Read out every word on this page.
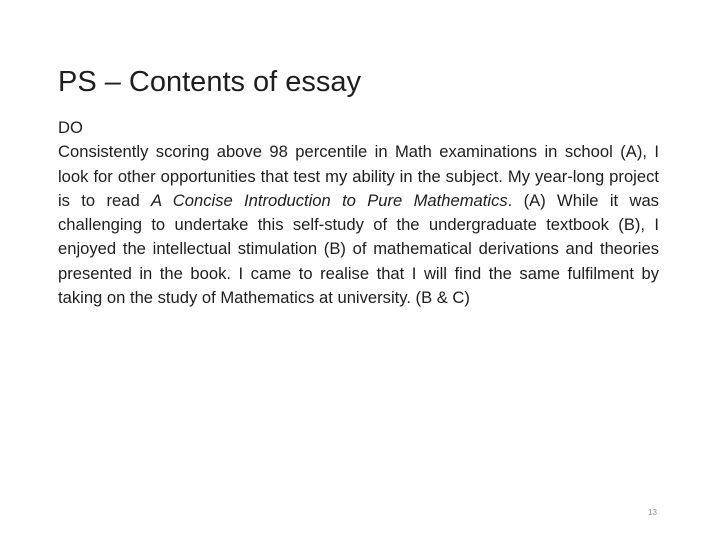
PS – Contents of essay

DO

Consistently scoring above 98 percentile in Math examinations in school (A), I look for other opportunities that test my ability in the subject. My year-long project is to read A Concise Introduction to Pure Mathematics. (A) While it was challenging to undertake this self-study of the undergraduate textbook (B), I enjoyed the intellectual stimulation (B) of mathematical derivations and theories presented in the book. I came to realise that I will find the same fulfilment by taking on the study of Mathematics at university. (B & C)

13
